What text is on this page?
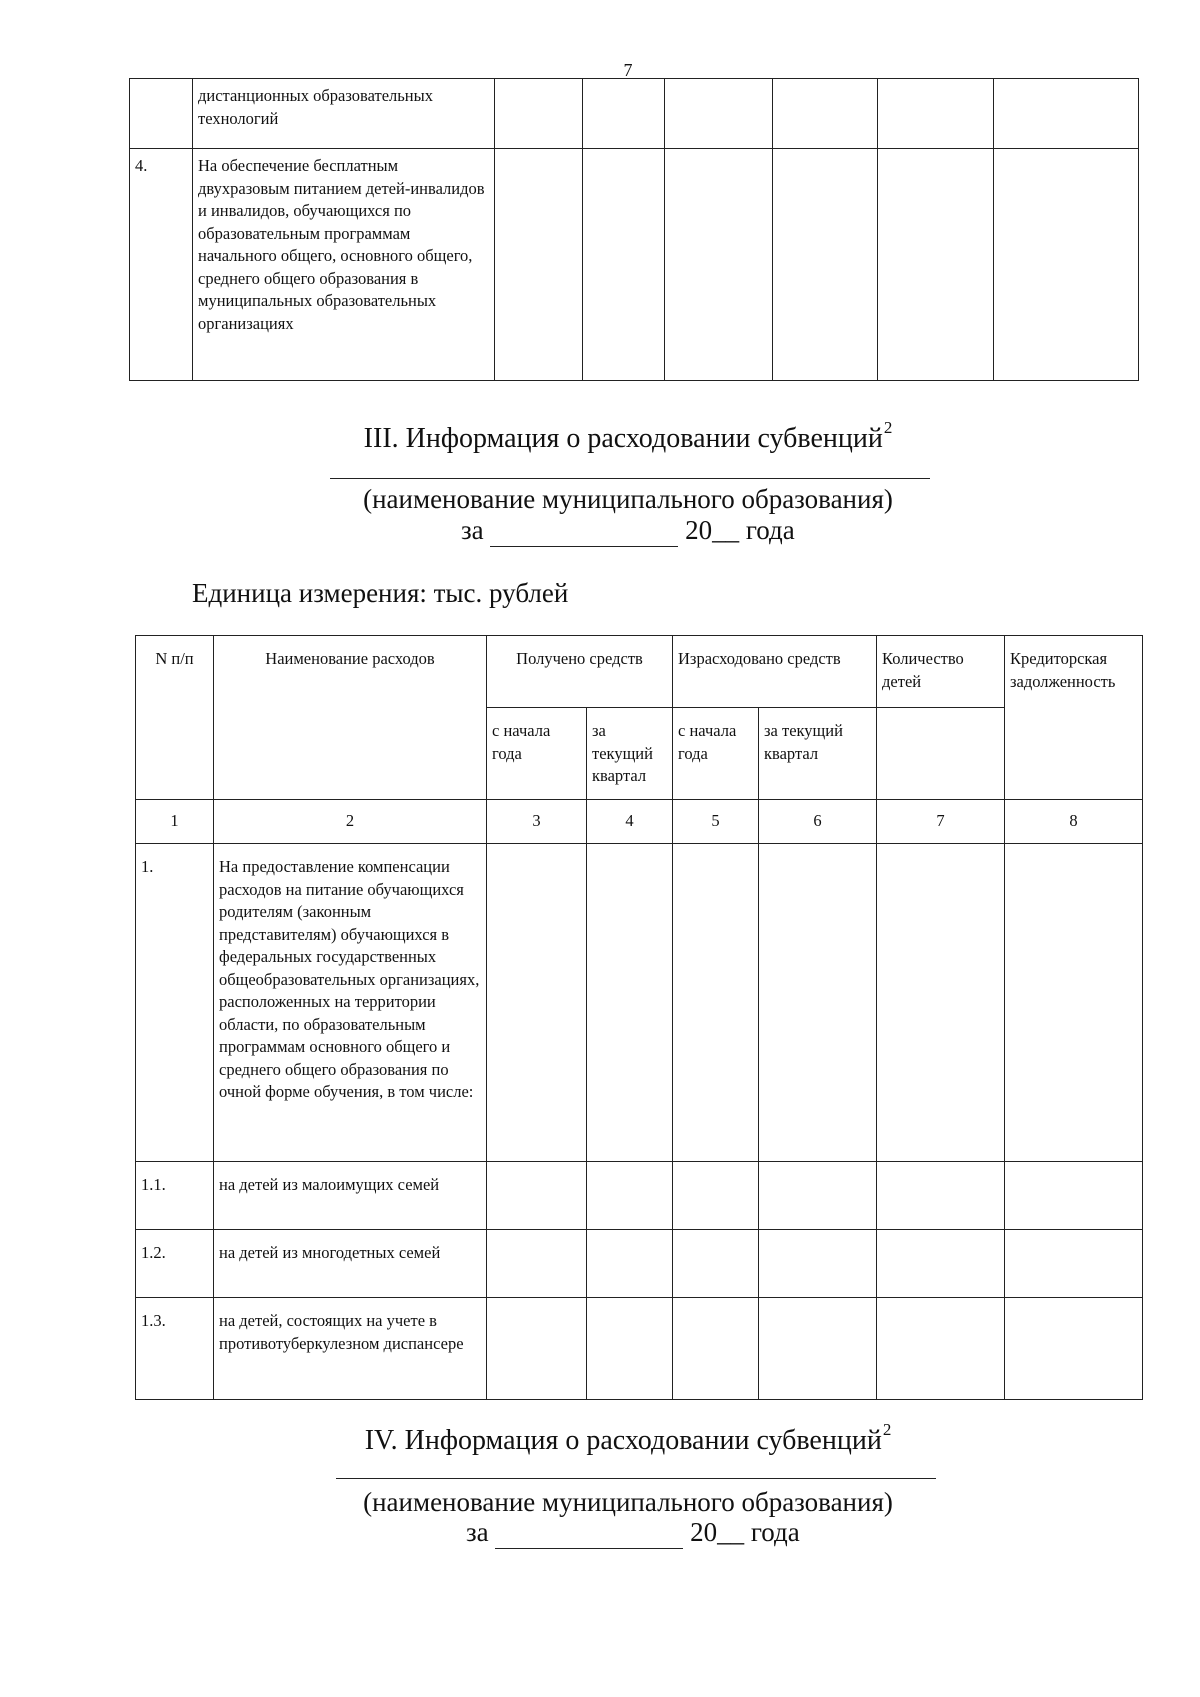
7
	дистанционных образовательных технологий						
4.	На обеспечение бесплатным двухразовым питанием детей-инвалидов и инвалидов, обучающихся по образовательным программам начального общего, основного общего, среднего общего образования в муниципальных образовательных организациях						
III. Информация о расходовании субвенций$^2$
(наименование муниципального образования)
за	20__ года
Единица измерения: тыс. рублей
N п/п	Наименование расходов	Получено средств		Израсходовано средств		Количество детей	Кредиторская задолженность
		с начала года	за текущий квартал	с начала года	за текущий квартал		
1	2	3	4	5	6	7	8
1.	На предоставление компенсации расходов на питание обучающихся родителям (законным представителям) обучающихся в федеральных государственных общеобразовательных организациях, расположенных на территории области, по образовательным программам основного общего и среднего общего образования по очной форме обучения, в том числе:						
1.1.	на детей из малоимущих семей						
1.2.	на детей из многодетных семей						
1.3.	на детей, состоящих на учете в противотуберкулезном диспансере						
IV. Информация о расходовании субвенций$^2$
(наименование муниципального образования)
за	20__ года
